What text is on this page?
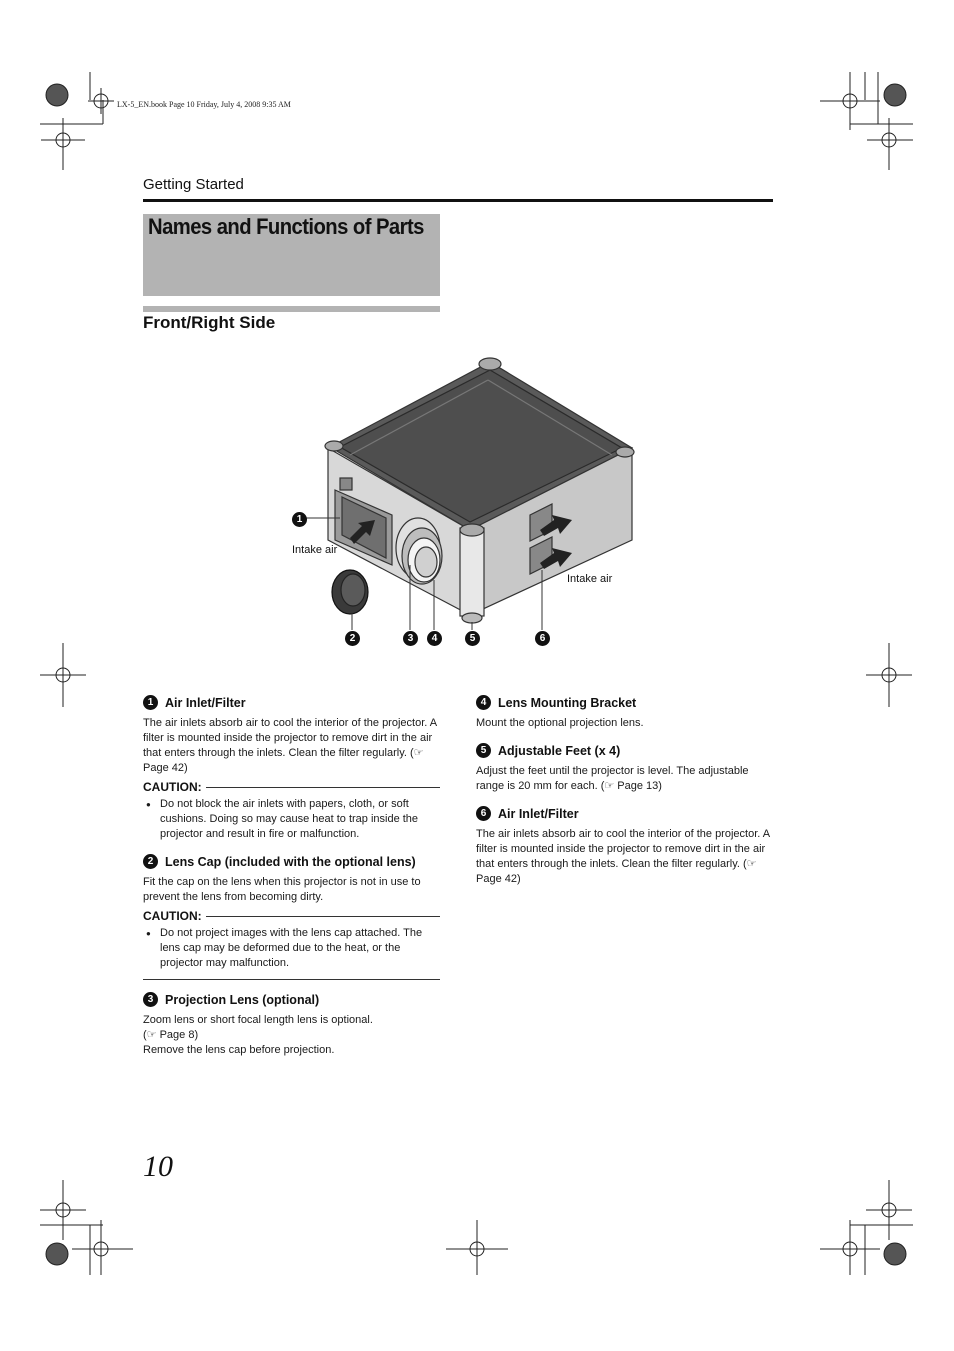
LX-5_EN.book Page 10 Friday, July 4, 2008 9:35 AM
Getting Started
Names and Functions of Parts
Front/Right Side
Intake air
Intake air
1
2	3	4	5	6
1 Air Inlet/Filter
The air inlets absorb air to cool the interior of the projector. A filter is mounted inside the projector to remove dirt in the air that enters through the inlets. Clean the filter regularly. (☞ Page 42)
CAUTION:
● Do not block the air inlets with papers, cloth, or soft cushions. Doing so may cause heat to trap inside the projector and result in fire or malfunction.
2 Lens Cap (included with the optional lens)
Fit the cap on the lens when this projector is not in use to prevent the lens from becoming dirty.
CAUTION:
● Do not project images with the lens cap attached. The lens cap may be deformed due to the heat, or the projector may malfunction.
3 Projection Lens (optional)
Zoom lens or short focal length lens is optional.
(☞ Page 8)
Remove the lens cap before projection.
4 Lens Mounting Bracket
Mount the optional projection lens.
5 Adjustable Feet (x 4)
Adjust the feet until the projector is level. The adjustable range is 20 mm for each. (☞ Page 13)
6 Air Inlet/Filter
The air inlets absorb air to cool the interior of the projector. A filter is mounted inside the projector to remove dirt in the air that enters through the inlets. Clean the filter regularly. (☞ Page 42)
10
